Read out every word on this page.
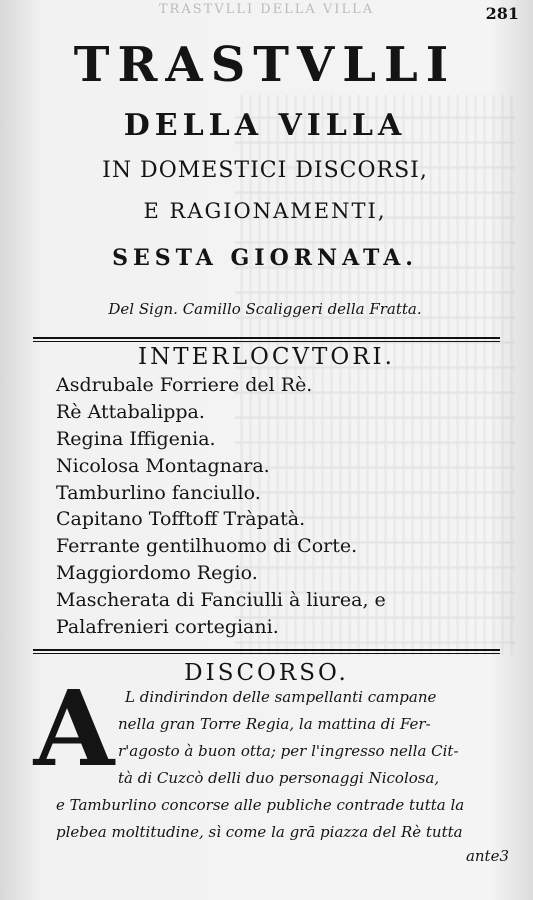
TRASTVLLI DELLA VILLA	281
TRASTVLLI
DELLA VILLA
IN DOMESTICI DISCORSI,
E RAGIONAMENTI,
SESTA GIORNATA.
Del Sign. Camillo Scaliggeri della Fratta.
INTERLOCVTORI.
Asdrubale Forriere del Rè.
Rè Attabalippa.
Regina Iffigenia.
Nicolosa Montagnara.
Tamburlino fanciullo.
Capitano Tofftoff Tràpatà.
Ferrante gentilhuomo di Corte.
Maggiordomo Regio.
Mascherata di Fanciulli à liurea, e
Palafrenieri cortegiani.
DISCORSO.
A L dindirindon delle sampellanti campane
nella gran Torre Regia, la mattina di Fer-
r'agosto à buon otta; per l'ingresso nella Cit-
tà di Cuzcò delli duo personaggi Nicolosa,
e Tamburlino concorse alle publiche contrade tutta la
plebea moltitudine, sì come la grā piazza del Rè tutta
ante3
